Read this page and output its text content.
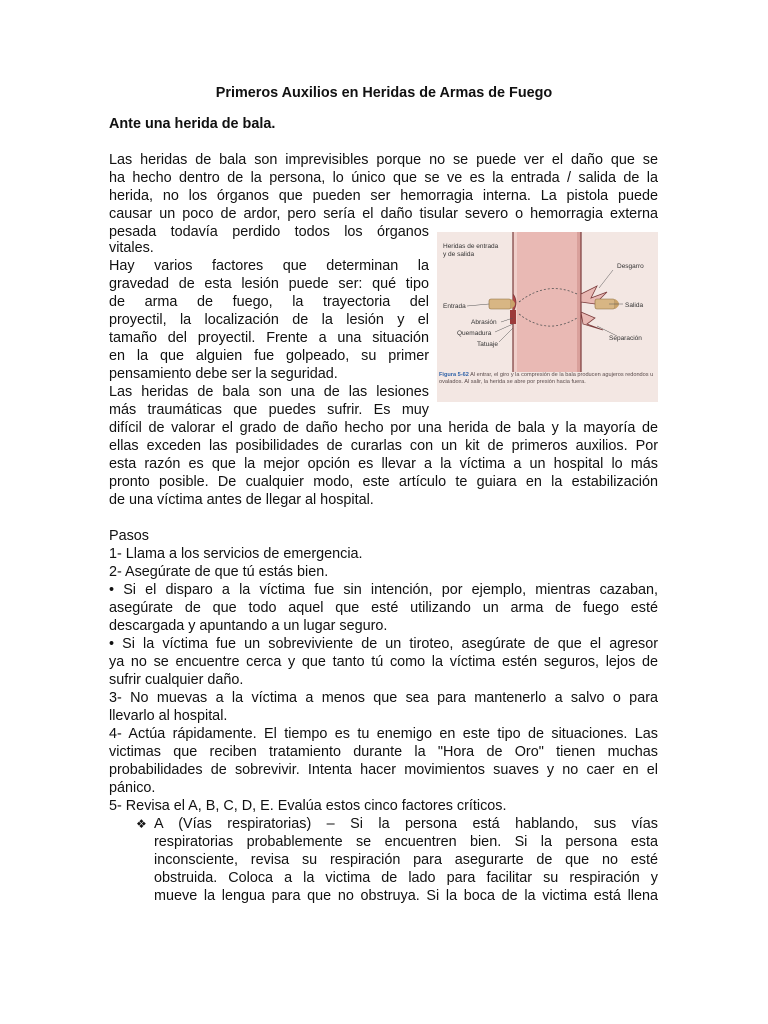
Primeros Auxilios en Heridas de Armas de Fuego
Ante una herida de bala.
Las heridas de bala son imprevisibles porque no se puede ver el daño que se
ha hecho dentro de la persona, lo único que se ve es la entrada / salida de la
herida, no los órganos que pueden ser hemorragia interna. La pistola puede
causar un poco de ardor, pero sería el daño tisular severo o hemorragia externa
pesada todavía perdido todos los órganos
vitales.
Hay varios factores que determinan la
gravedad de esta lesión puede ser: qué tipo
de arma de fuego, la trayectoria del
proyectil, la localización de la lesión y el
tamaño del proyectil. Frente a una situación
en la que alguien fue golpeado, su primer
pensamiento debe ser la seguridad.
Las heridas de bala son una de las lesiones
más traumáticas que puedes sufrir. Es muy
difícil de valorar el grado de daño hecho por una herida de bala y la mayoría de
ellas exceden las posibilidades de curarlas con un kit de primeros auxilios. Por
esta razón es que la mejor opción es llevar a la víctima a un hospital lo más
pronto posible. De cualquier modo, este artículo te guiara en la estabilización
de una víctima antes de llegar al hospital.
Pasos
1- Llama a los servicios de emergencia.
2- Asegúrate de que tú estás bien.
• Si el disparo a la víctima fue sin intención, por ejemplo, mientras cazaban,
asegúrate de que todo aquel que esté utilizando un arma de fuego esté
descargada y apuntando a un lugar seguro.
• Si la víctima fue un sobreviviente de un tiroteo, asegúrate de que el agresor
ya no se encuentre cerca y que tanto tú como la víctima estén seguros, lejos de
sufrir cualquier daño.
3- No muevas a la víctima a menos que sea para mantenerlo a salvo o para
llevarlo al hospital.
4- Actúa rápidamente. El tiempo es tu enemigo en este tipo de situaciones. Las
victimas que reciben tratamiento durante la "Hora de Oro" tienen muchas
probabilidades de sobrevivir. Intenta hacer movimientos suaves y no caer en el
pánico.
5- Revisa el A, B, C, D, E. Evalúa estos cinco factores críticos.
❖ A (Vías respiratorias) – Si la persona está hablando, sus vías
respiratorias probablemente se encuentren bien. Si la persona esta
inconsciente, revisa su respiración para asegurarte de que no esté
obstruida. Coloca a la victima de lado para facilitar su respiración y
mueve la lengua para que no obstruya. Si la boca de la victima está llena
Heridas de entrada
y de salida
Desgarro
Entrada	Salida
Abrasión
Quemadura
Tatuaje
Separación
Figura 5-62 Al entrar, el giro y la compresión de la bala producen agujeros redondos u ovalados. Al salir, la herida se abre por presión hacia fuera.
